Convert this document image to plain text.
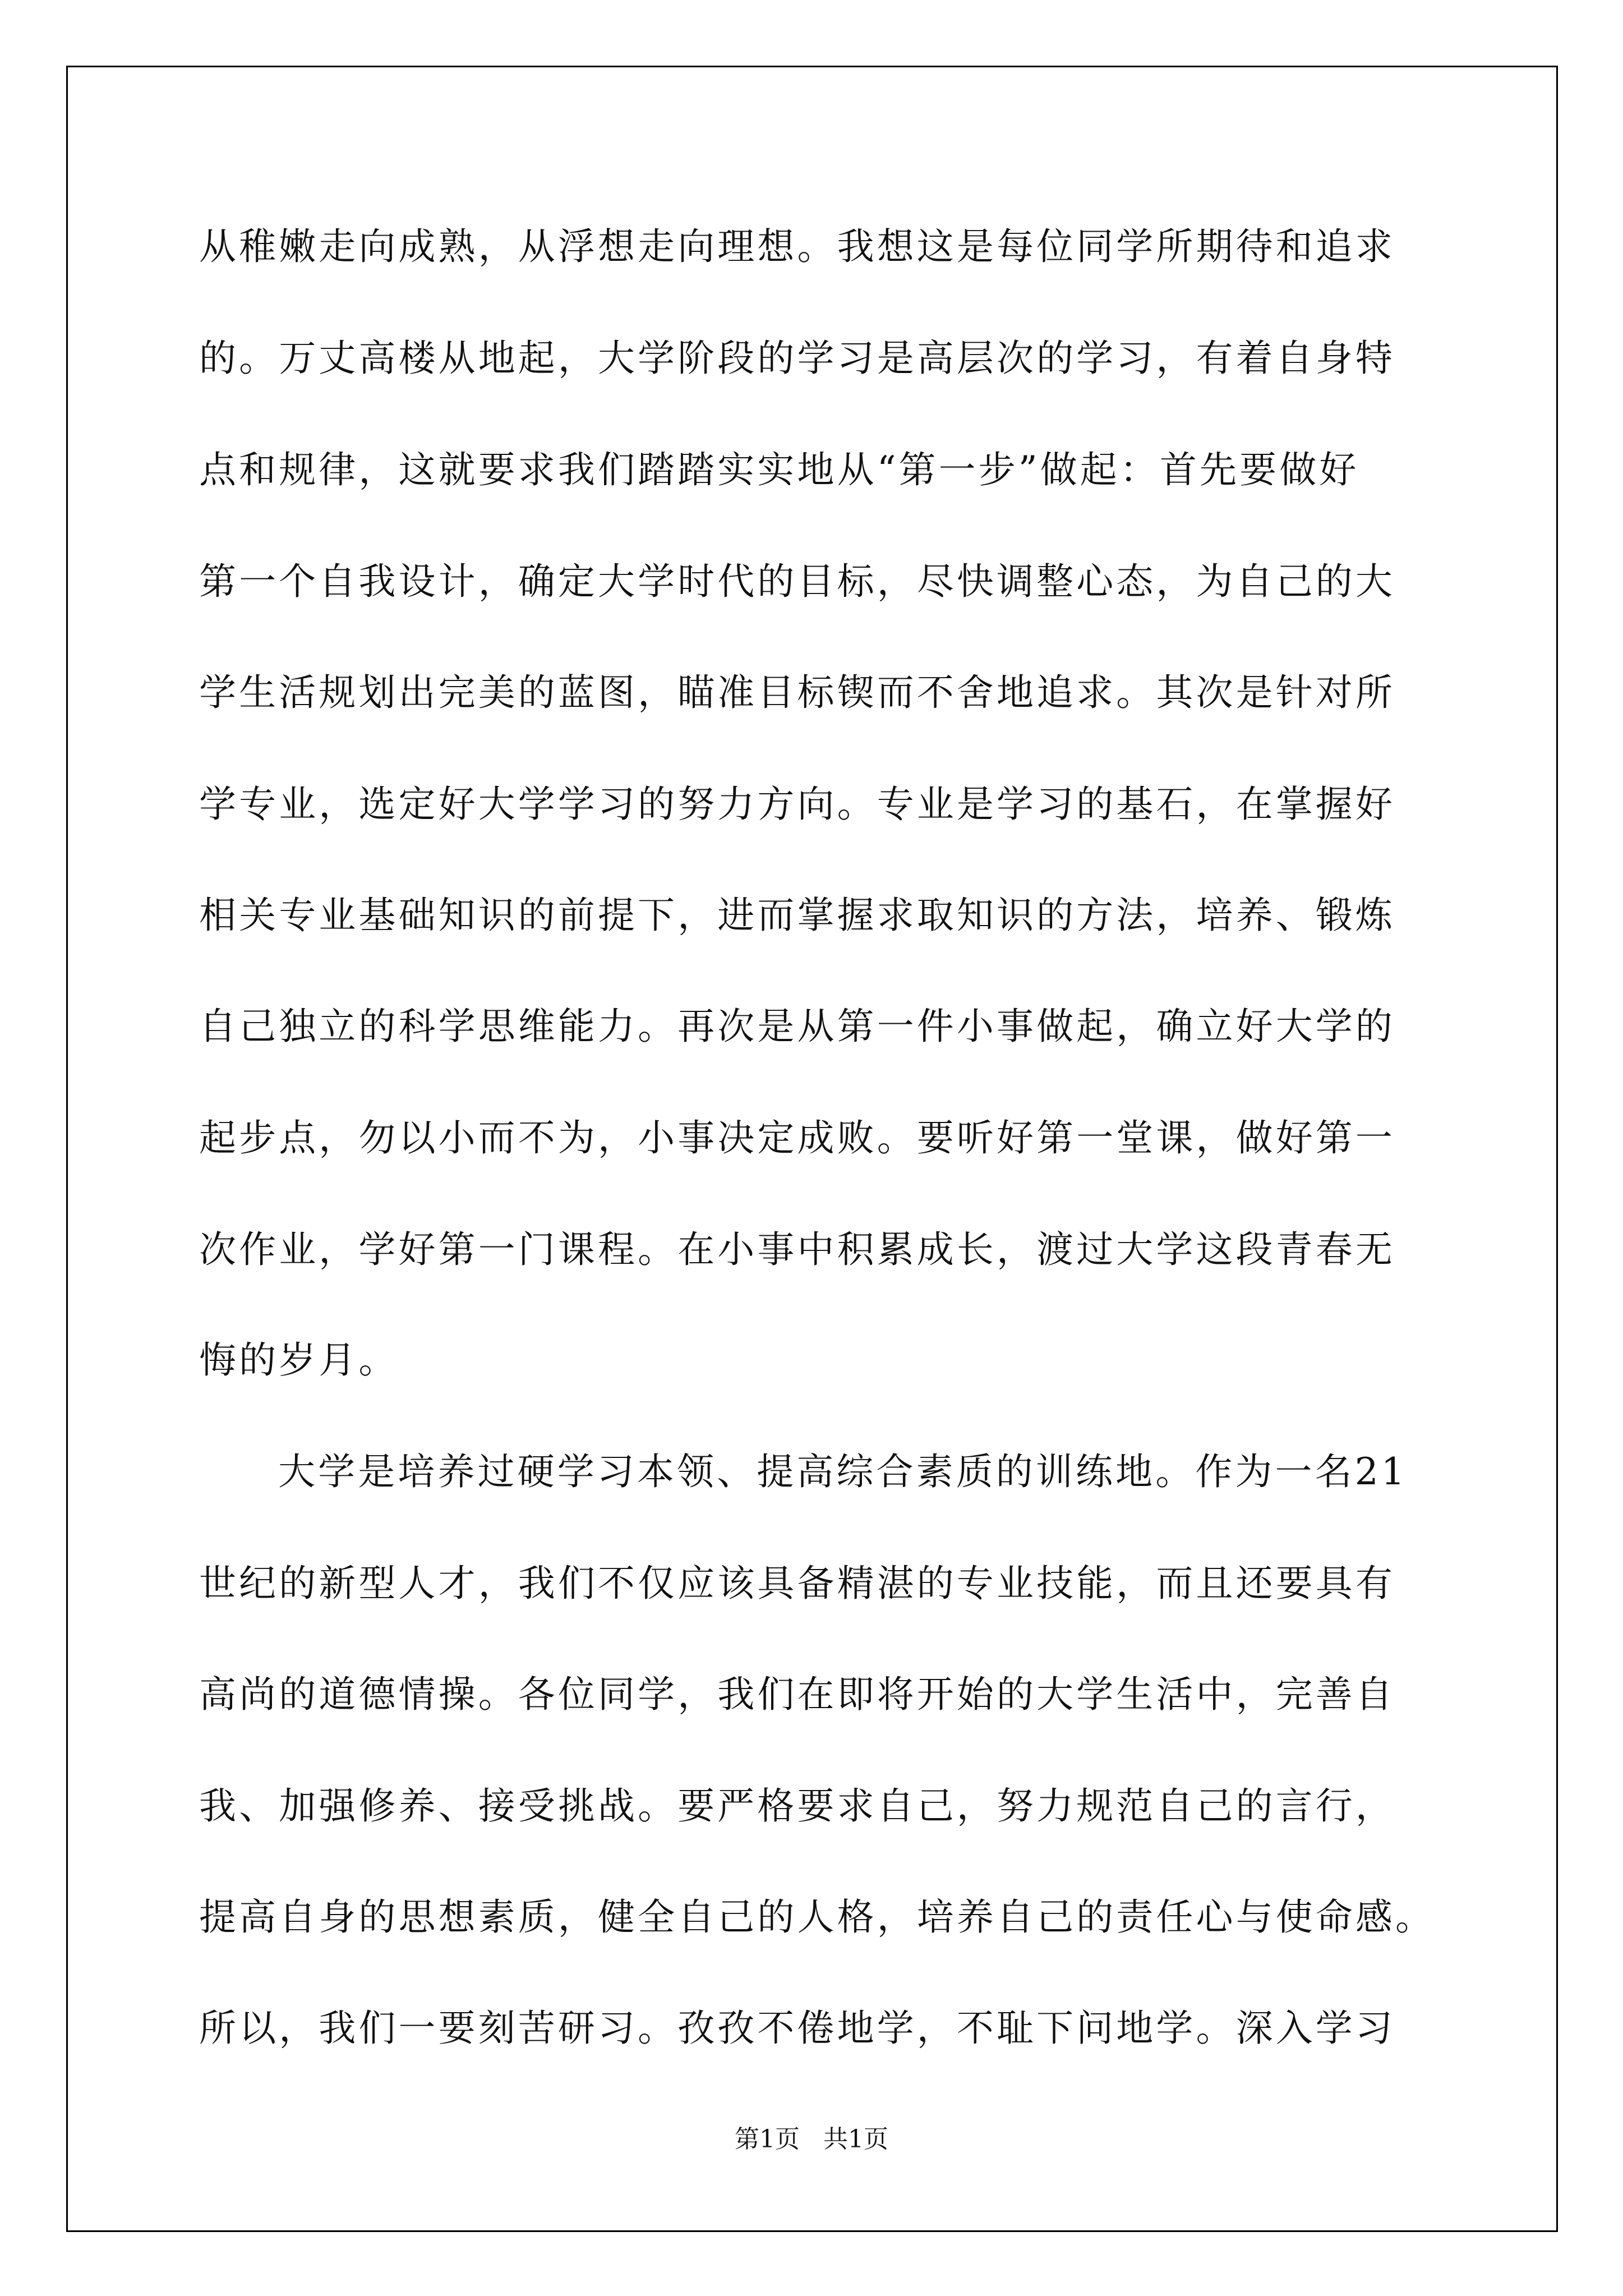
从稚嫩走向成熟，从浮想走向理想。我想这是每位同学所期待和追求
的。万丈高楼从地起，大学阶段的学习是高层次的学习，有着自身特
点和规律，这就要求我们踏踏实实地从“第一步”做起：首先要做好
第一个自我设计，确定大学时代的目标，尽快调整心态，为自己的大
学生活规划出完美的蓝图，瞄准目标锲而不舍地追求。其次是针对所
学专业，选定好大学学习的努力方向。专业是学习的基石，在掌握好
相关专业基础知识的前提下，进而掌握求取知识的方法，培养、锻炼
自己独立的科学思维能力。再次是从第一件小事做起，确立好大学的
起步点，勿以小而不为，小事决定成败。要听好第一堂课，做好第一
次作业，学好第一门课程。在小事中积累成长，渡过大学这段青春无
悔的岁月。
大学是培养过硬学习本领、提高综合素质的训练地。作为一名21
世纪的新型人才，我们不仅应该具备精湛的专业技能，而且还要具有
高尚的道德情操。各位同学，我们在即将开始的大学生活中，完善自
我、加强修养、接受挑战。要严格要求自己，努力规范自己的言行，
提高自身的思想素质，健全自己的人格，培养自己的责任心与使命感。
所以，我们一要刻苦研习。孜孜不倦地学，不耻下问地学。深入学习
第1页   共1页
